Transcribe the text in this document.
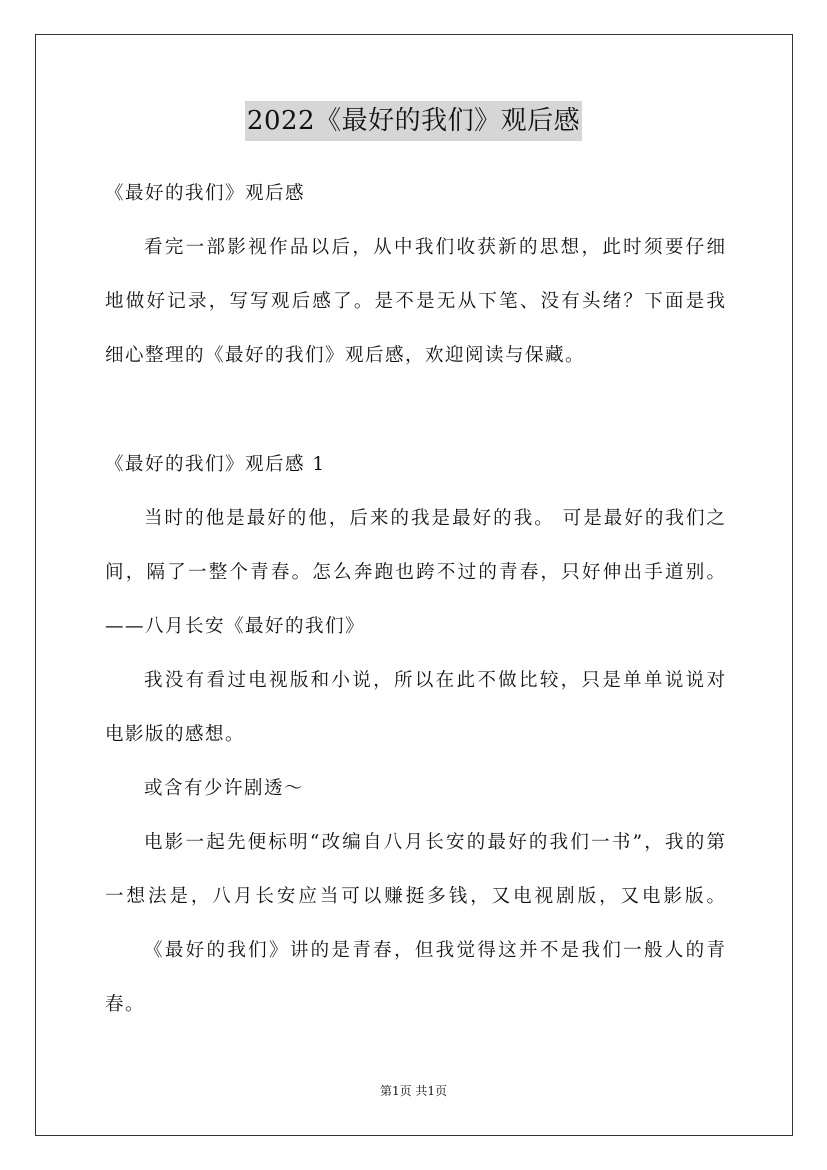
2022《最好的我们》观后感
《最好的我们》观后感
看完一部影视作品以后，从中我们收获新的思想，此时须要仔细
地做好记录，写写观后感了。是不是无从下笔、没有头绪？下面是我
细心整理的《最好的我们》观后感，欢迎阅读与保藏。
《最好的我们》观后感 1
当时的他是最好的他，后来的我是最好的我。 可是最好的我们之
间，隔了一整个青春。怎么奔跑也跨不过的青春，只好伸出手道别。
——八月长安《最好的我们》
我没有看过电视版和小说，所以在此不做比较，只是单单说说对
电影版的感想。
或含有少许剧透～
电影一起先便标明“改编自八月长安的最好的我们一书”，我的第
一想法是，八月长安应当可以赚挺多钱，又电视剧版，又电影版。
《最好的我们》讲的是青春，但我觉得这并不是我们一般人的青
春。
第1页 共1页
